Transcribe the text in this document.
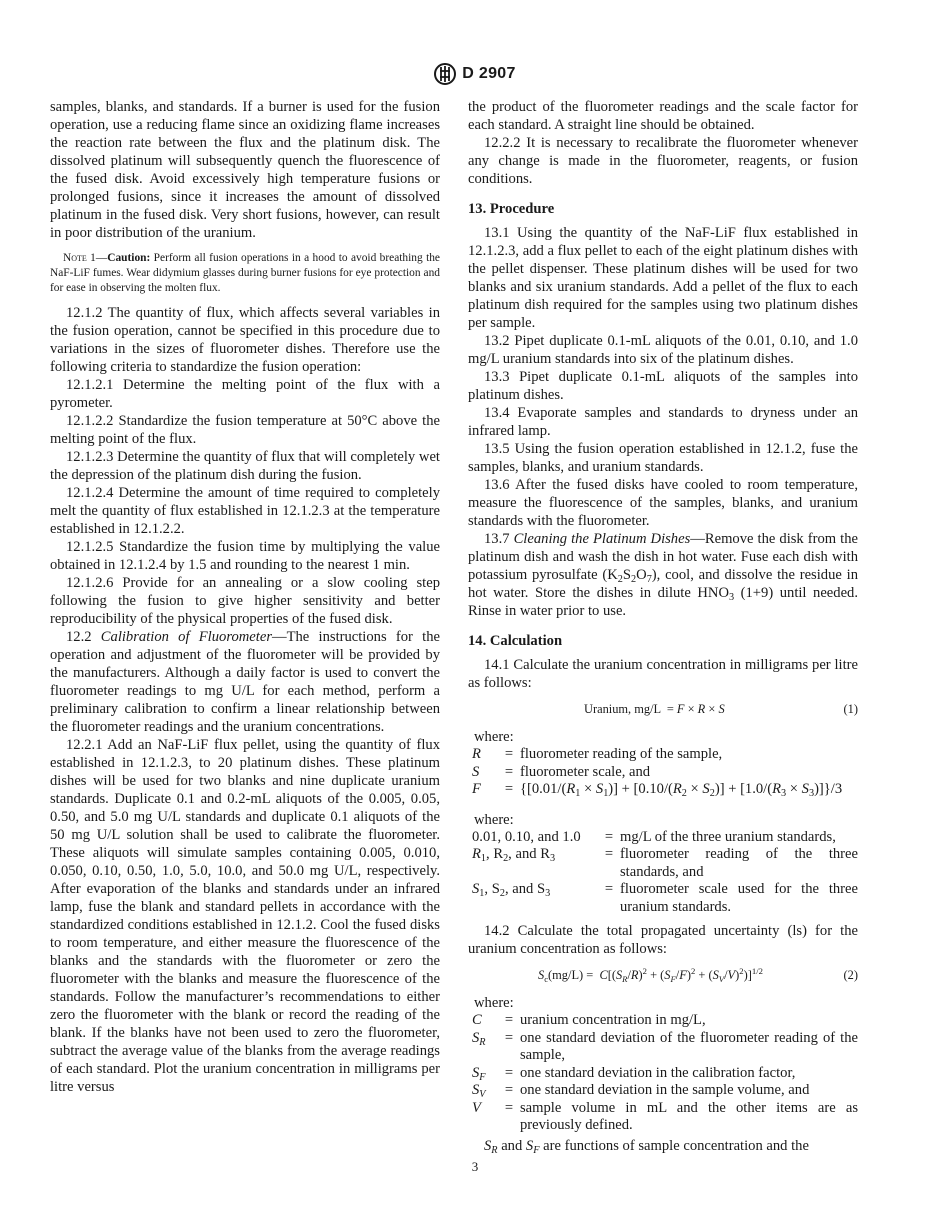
D 2907

samples, blanks, and standards. If a burner is used for the fusion operation, use a reducing flame since an oxidizing flame increases the reaction rate between the flux and the platinum disk. The dissolved platinum will subsequently quench the fluorescence of the fused disk. Avoid excessively high temperature fusions or prolonged fusions, since it increases the amount of dissolved platinum in the fused disk. Very short fusions, however, can result in poor distribution of the uranium.

Note 1—Caution: Perform all fusion operations in a hood to avoid breathing the NaF-LiF fumes. Wear didymium glasses during burner fusions for eye protection and for ease in observing the molten flux.

12.1.2 The quantity of flux, which affects several variables in the fusion operation, cannot be specified in this procedure due to variations in the sizes of fluorometer dishes. Therefore use the following criteria to standardize the fusion operation:

12.1.2.1 Determine the melting point of the flux with a pyrometer.

12.1.2.2 Standardize the fusion temperature at 50°C above the melting point of the flux.

12.1.2.3 Determine the quantity of flux that will completely wet the depression of the platinum dish during the fusion.

12.1.2.4 Determine the amount of time required to completely melt the quantity of flux established in 12.1.2.3 at the temperature established in 12.1.2.2.

12.1.2.5 Standardize the fusion time by multiplying the value obtained in 12.1.2.4 by 1.5 and rounding to the nearest 1 min.

12.1.2.6 Provide for an annealing or a slow cooling step following the fusion to give higher sensitivity and better reproducibility of the physical properties of the fused disk.

12.2 Calibration of Fluorometer—The instructions for the operation and adjustment of the fluorometer will be provided by the manufacturers. Although a daily factor is used to convert the fluorometer readings to mg U/L for each method, perform a preliminary calibration to confirm a linear relationship between the fluorometer readings and the uranium concentrations.

12.2.1 Add an NaF-LiF flux pellet, using the quantity of flux established in 12.1.2.3, to 20 platinum dishes. These platinum dishes will be used for two blanks and nine duplicate uranium standards. Duplicate 0.1 and 0.2-mL aliquots of the 0.005, 0.05, 0.50, and 5.0 mg U/L standards and duplicate 0.1 aliquots of the 50 mg U/L solution shall be used to calibrate the fluorometer. These aliquots will simulate samples containing 0.005, 0.010, 0.050, 0.10, 0.50, 1.0, 5.0, 10.0, and 50.0 mg U/L, respectively. After evaporation of the blanks and standards under an infrared lamp, fuse the blank and standard pellets in accordance with the standardized conditions established in 12.1.2. Cool the fused disks to room temperature, and either measure the fluorescence of the blanks and the standards with the fluorometer or zero the fluorometer with the blanks and measure the fluorescence of the standards. Follow the manufacturer’s recommendations to either zero the fluorometer with the blank or record the reading of the blank. If the blanks have not been used to zero the fluorometer, subtract the average value of the blanks from the average readings of each standard. Plot the uranium concentration in milligrams per litre versus

the product of the fluorometer readings and the scale factor for each standard. A straight line should be obtained.

12.2.2 It is necessary to recalibrate the fluorometer whenever any change is made in the fluorometer, reagents, or fusion conditions.

13. Procedure

13.1 Using the quantity of the NaF-LiF flux established in 12.1.2.3, add a flux pellet to each of the eight platinum dishes with the pellet dispenser. These platinum dishes will be used for two blanks and six uranium standards. Add a pellet of the flux to each platinum dish required for the samples using two platinum dishes per sample.

13.2 Pipet duplicate 0.1-mL aliquots of the 0.01, 0.10, and 1.0 mg/L uranium standards into six of the platinum dishes.

13.3 Pipet duplicate 0.1-mL aliquots of the samples into platinum dishes.

13.4 Evaporate samples and standards to dryness under an infrared lamp.

13.5 Using the fusion operation established in 12.1.2, fuse the samples, blanks, and uranium standards.

13.6 After the fused disks have cooled to room temperature, measure the fluorescence of the samples, blanks, and uranium standards with the fluorometer.

13.7 Cleaning the Platinum Dishes—Remove the disk from the platinum dish and wash the dish in hot water. Fuse each dish with potassium pyrosulfate $(K_2S_2O_7)$, cool, and dissolve the residue in hot water. Store the dishes in dilute $HNO_3$ (1+9) until needed. Rinse in water prior to use.

14. Calculation

14.1 Calculate the uranium concentration in milligrams per litre as follows:

Uranium, mg/L  = F × R × S	(1)
where:
R	=	fluorometer reading of the sample,
S	=	fluorometer scale, and
F	=	$\{[0.01/(R_1 \times S_1)] + [0.10/(R_2 \times S_2)] + [1.0/(R_3 \times S_3)]\}/3$
where:
0.01, 0.10, and 1.0	=	mg/L of the three uranium standards,
$R_1$, $R_2$, and $R_3$	=	fluorometer reading of the three standards, and
$S_1$, $S_2$, and $S_3$	=	fluorometer scale used for the three uranium standards.

14.2 Calculate the total propagated uncertainty (ls) for the uranium concentration as follows:

$S_c(mg/L) = C[(S_R/R)^2 + (S_F/F)^2 + (S_V/V)^2)]^{1/2}$	(2)
where:
C	=	uranium concentration in mg/L,
$S_R$	=	one standard deviation of the fluorometer reading of the sample,
$S_F$	=	one standard deviation in the calibration factor,
$S_V$	=	one standard deviation in the sample volume, and
V	=	sample volume in mL and the other items are as previously defined.

$S_R$ and $S_F$ are functions of sample concentration and the

3
